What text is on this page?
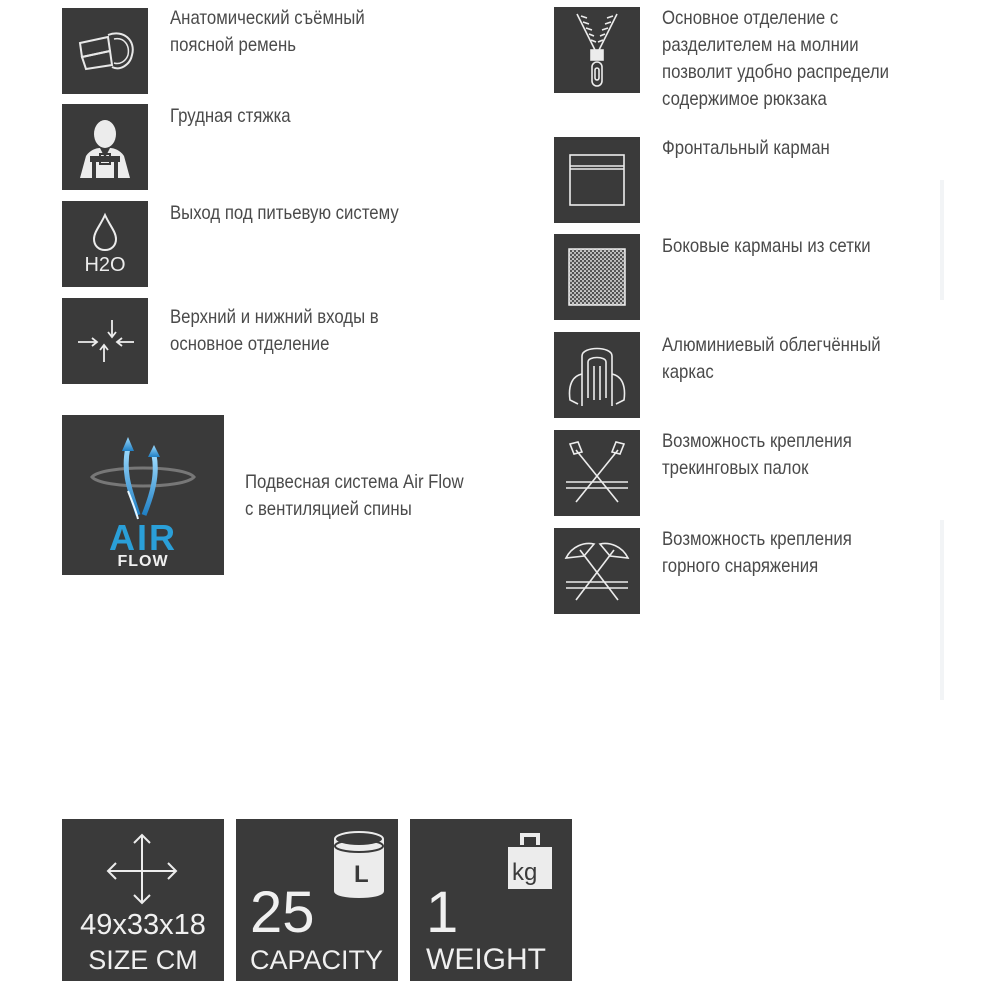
Анатомический съёмный
поясной ремень
Грудная стяжка
H2O
Выход под питьевую систему
Верхний и нижний входы в
основное отделение
AIR
FLOW
Подвесная система Air Flow
с вентиляцией спины
Основное отделение с
разделителем на молнии
позволит удобно распредели
содержимое рюкзака
Фронтальный карман
Боковые карманы из сетки
Алюминиевый облегчённый
каркас
Возможность крепления
трекинговых палок
Возможность крепления
горного снаряжения
49x33x18
SIZE CM
L
25
CAPACITY
kg
1
WEIGHT
